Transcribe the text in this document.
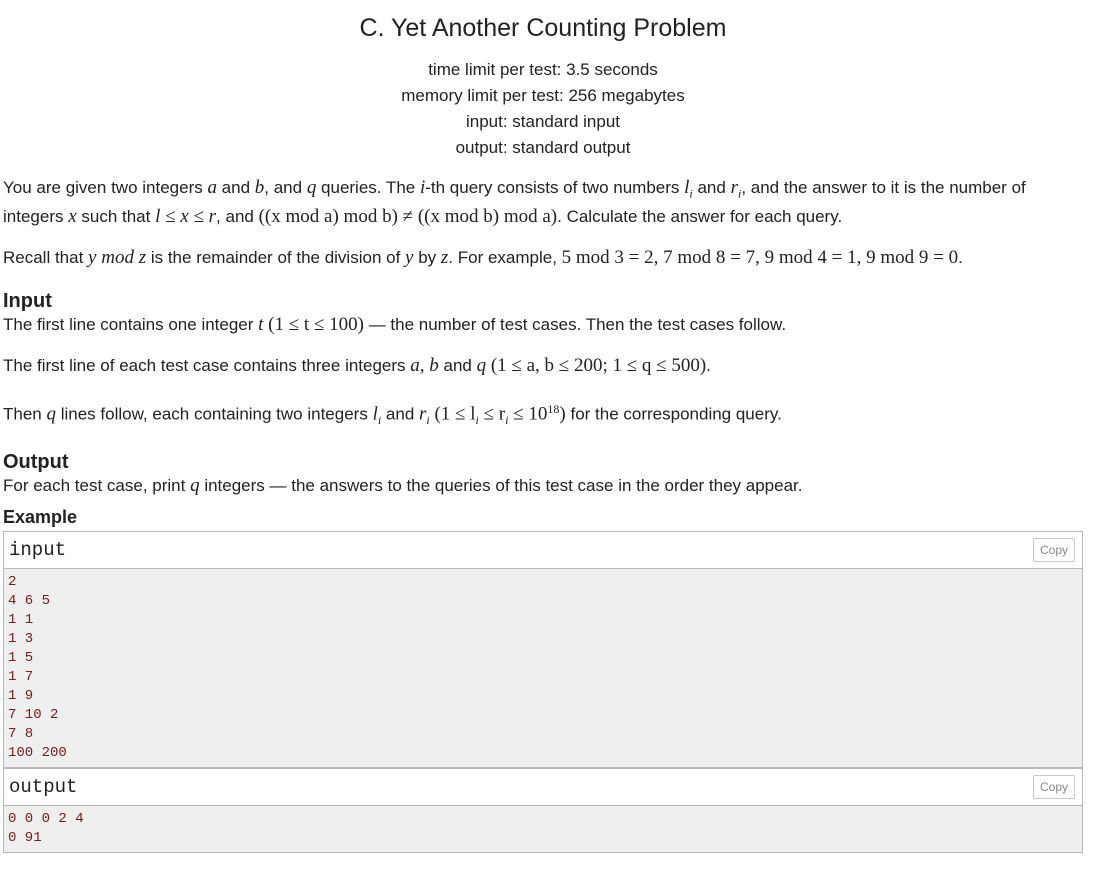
C. Yet Another Counting Problem
time limit per test: 3.5 seconds
memory limit per test: 256 megabytes
input: standard input
output: standard output

You are given two integers a and b, and q queries. The i-th query consists of two numbers $l_i$ and $r_i$, and the answer to it is the number of
integers x such that l ≤ x ≤ r, and ((x mod a) mod b) ≠ ((x mod b) mod a). Calculate the answer for each query.

Recall that y mod z is the remainder of the division of y by z. For example, 5 mod 3 = 2, 7 mod 8 = 7, 9 mod 4 = 1, 9 mod 9 = 0.

Input

The first line contains one integer t (1 ≤ t ≤ 100) — the number of test cases. Then the test cases follow.

The first line of each test case contains three integers a, b and q (1 ≤ a, b ≤ 200; 1 ≤ q ≤ 500).

Then q lines follow, each containing two integers $l_i$ and $r_i$ $(1 \le l_i \le r_i \le 10^{18})$ for the corresponding query.

Output

For each test case, print q integers — the answers to the queries of this test case in the order they appear.

Example
input	Copy
2
4 6 5
1 1
1 3
1 5
1 7
1 9
7 10 2
7 8
100 200
output	Copy
0 0 0 2 4
0 91
